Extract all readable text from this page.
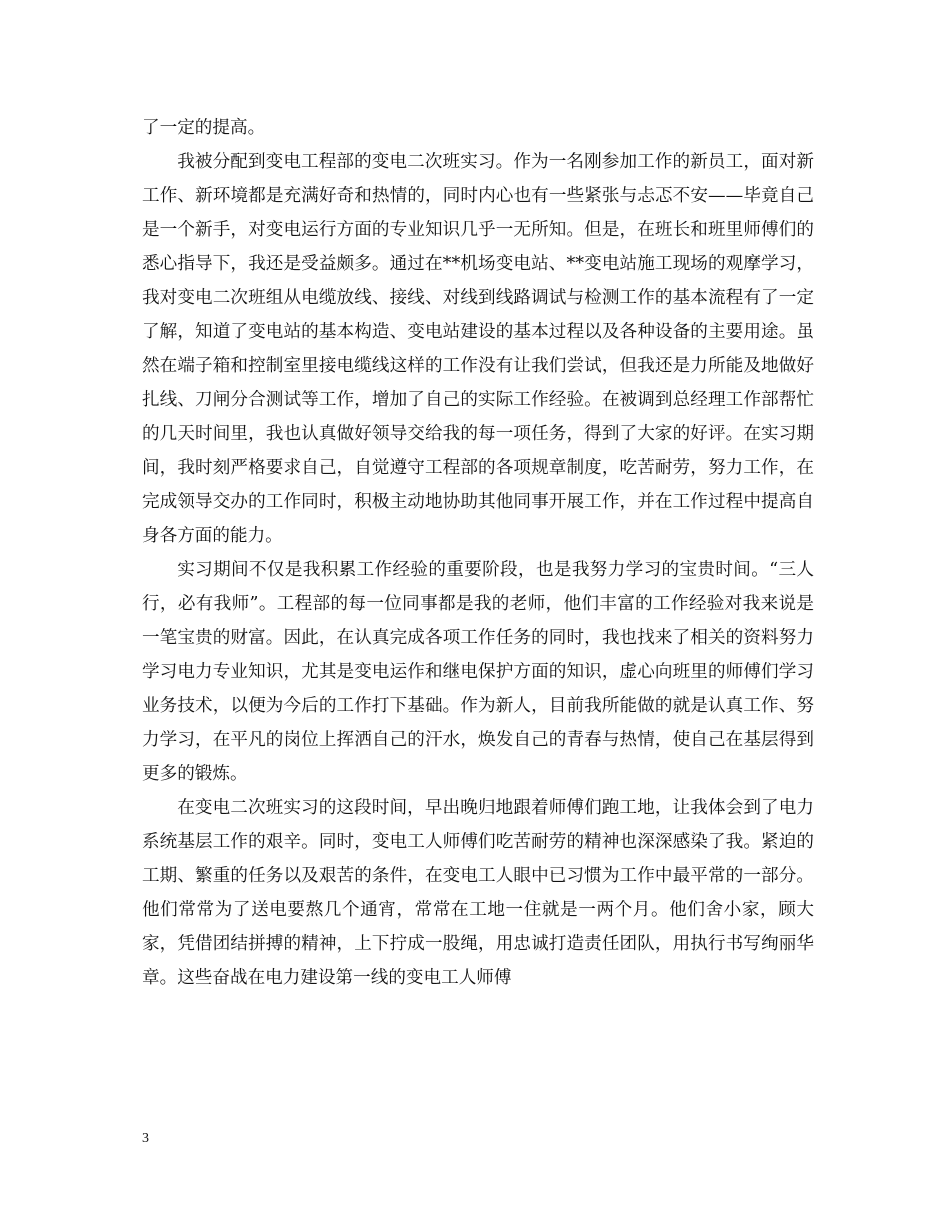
了一定的提高。

我被分配到变电工程部的变电二次班实习。作为一名刚参加工作的新员工，面对新工作、新环境都是充满好奇和热情的，同时内心也有一些紧张与忐忑不安——毕竟自己是一个新手，对变电运行方面的专业知识几乎一无所知。但是，在班长和班里师傅们的悉心指导下，我还是受益颇多。通过在**机场变电站、**变电站施工现场的观摩学习，我对变电二次班组从电缆放线、接线、对线到线路调试与检测工作的基本流程有了一定了解，知道了变电站的基本构造、变电站建设的基本过程以及各种设备的主要用途。虽然在端子箱和控制室里接电缆线这样的工作没有让我们尝试，但我还是力所能及地做好扎线、刀闸分合测试等工作，增加了自己的实际工作经验。在被调到总经理工作部帮忙的几天时间里，我也认真做好领导交给我的每一项任务，得到了大家的好评。在实习期间，我时刻严格要求自己，自觉遵守工程部的各项规章制度，吃苦耐劳，努力工作，在完成领导交办的工作同时，积极主动地协助其他同事开展工作，并在工作过程中提高自身各方面的能力。

实习期间不仅是我积累工作经验的重要阶段，也是我努力学习的宝贵时间。“三人行，必有我师”。工程部的每一位同事都是我的老师，他们丰富的工作经验对我来说是一笔宝贵的财富。因此，在认真完成各项工作任务的同时，我也找来了相关的资料努力学习电力专业知识，尤其是变电运作和继电保护方面的知识，虚心向班里的师傅们学习业务技术，以便为今后的工作打下基础。作为新人，目前我所能做的就是认真工作、努力学习，在平凡的岗位上挥洒自己的汗水，焕发自己的青春与热情，使自己在基层得到更多的锻炼。

在变电二次班实习的这段时间，早出晚归地跟着师傅们跑工地，让我体会到了电力系统基层工作的艰辛。同时，变电工人师傅们吃苦耐劳的精神也深深感染了我。紧迫的工期、繁重的任务以及艰苦的条件，在变电工人眼中已习惯为工作中最平常的一部分。他们常常为了送电要熬几个通宵，常常在工地一住就是一两个月。他们舍小家，顾大家，凭借团结拼搏的精神，上下拧成一股绳，用忠诚打造责任团队，用执行书写绚丽华章。这些奋战在电力建设第一线的变电工人师傅

3
